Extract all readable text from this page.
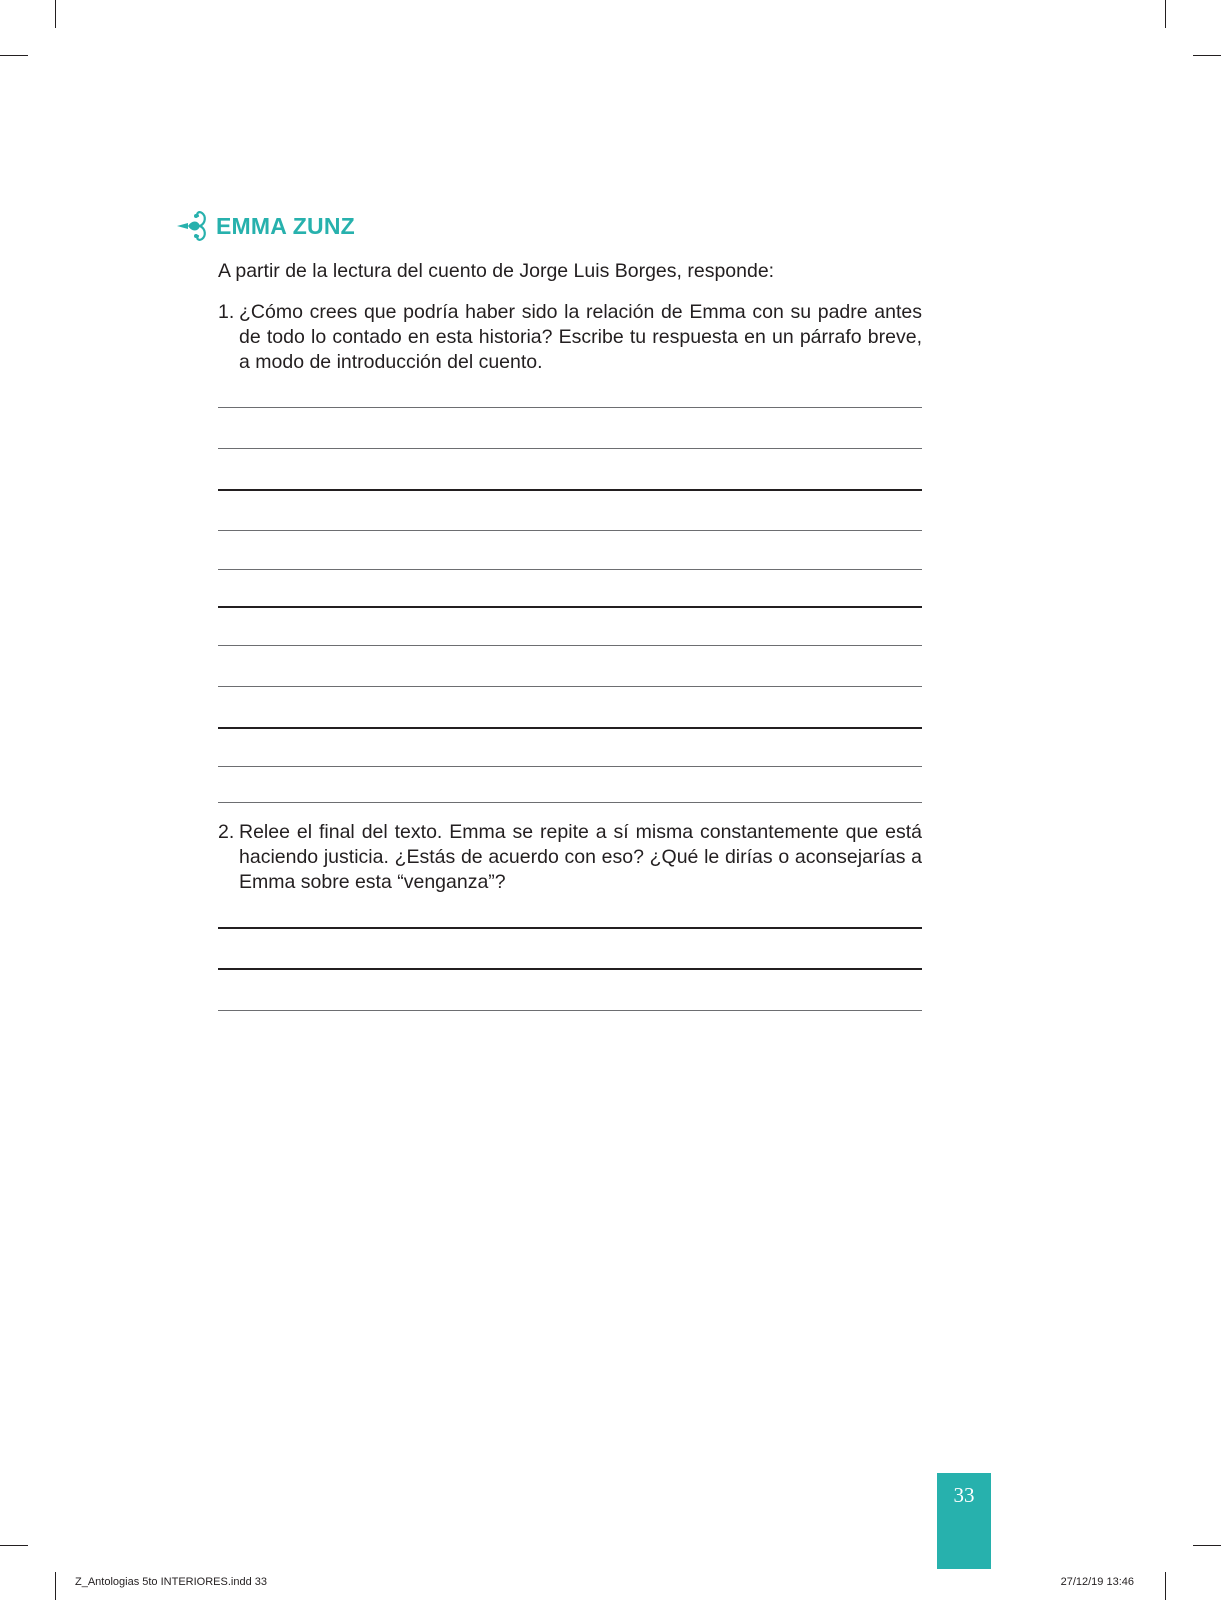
EMMA ZUNZ
A partir de la lectura del cuento de Jorge Luis Borges, responde:
1. ¿Cómo crees que podría haber sido la relación de Emma con su padre antes de todo lo contado en esta historia? Escribe tu respuesta en un párrafo breve, a modo de introducción del cuento.
2. Relee el final del texto. Emma se repite a sí misma constantemente que está haciendo justicia. ¿Estás de acuerdo con eso? ¿Qué le dirías o aconsejarías a Emma sobre esta “venganza”?
33
Z_Antologias 5to INTERIORES.indd 33	27/12/19 13:46
